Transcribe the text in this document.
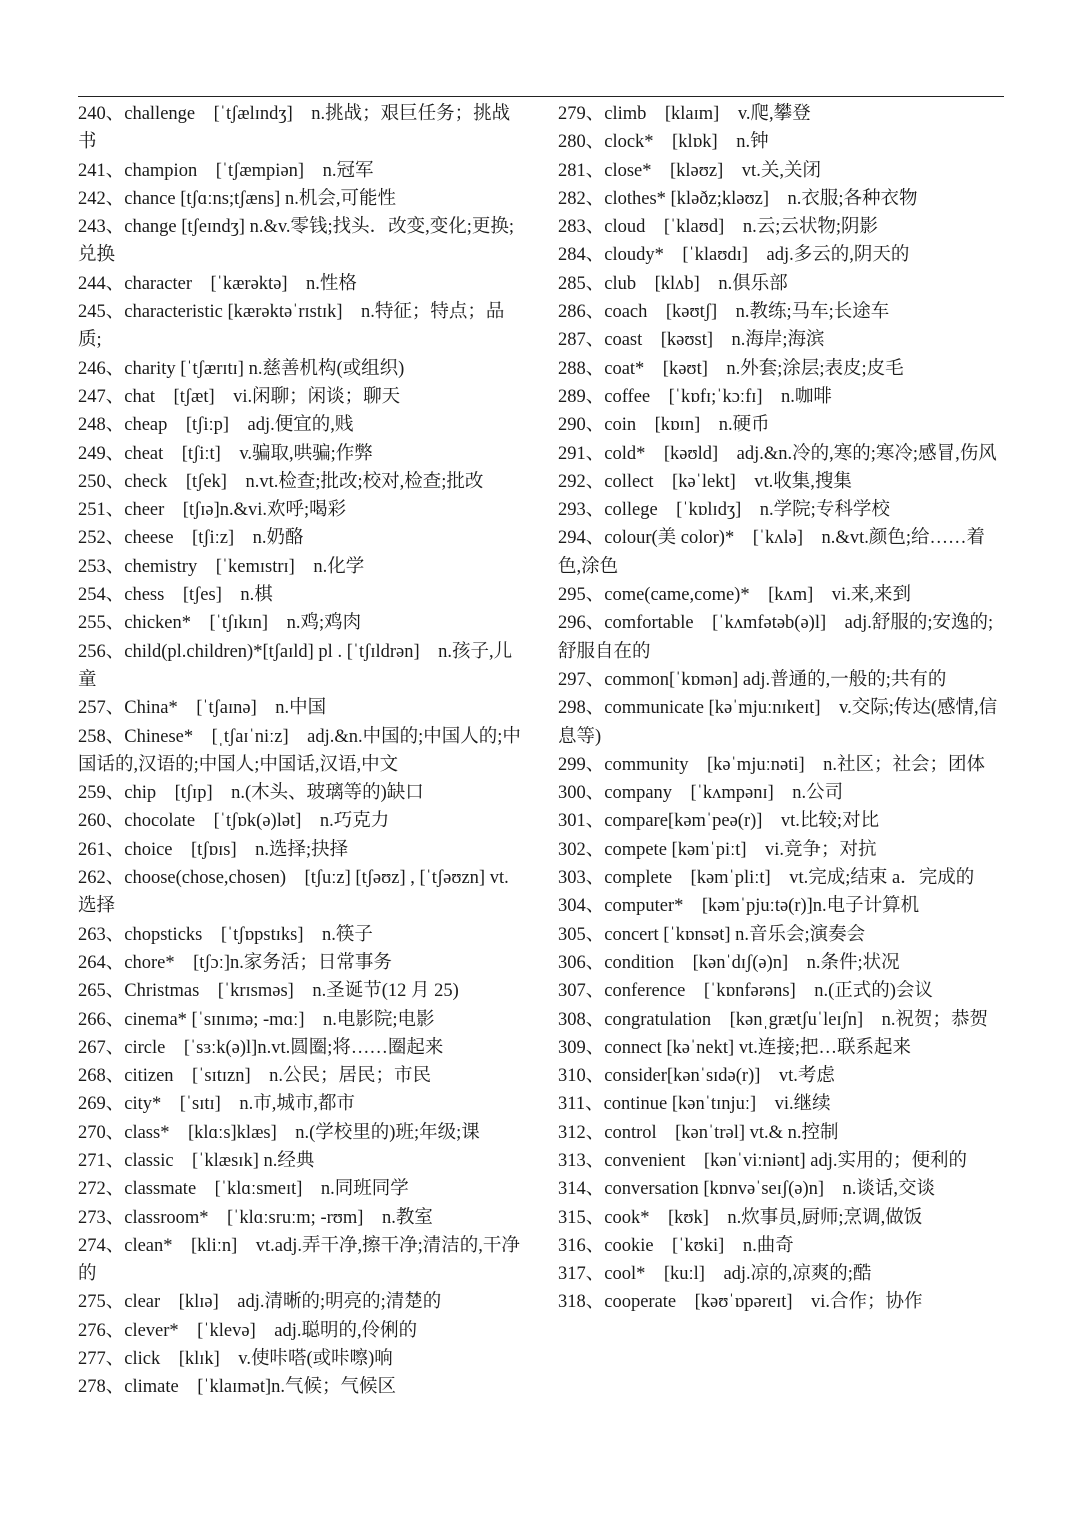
240、challenge　[ˈtʃælɪndʒ]　n.挑战；艰巨任务；挑战书
241、champion　[ˈtʃæmpiən]　n.冠军
242、chance [tʃɑːns;tʃæns] n.机会,可能性
243、change [tʃeɪndʒ] n.&v.零钱;找头．改变,变化;更换;兑换
244、character　[ˈkærəktə]　n.性格
245、characteristic [kærəktəˈrɪstɪk]　n.特征；特点；品质;
246、charity [ˈtʃærɪtɪ] n.慈善机构(或组织)
247、chat　[tʃæt]　vi.闲聊；闲谈；聊天
248、cheap　[tʃiːp]　adj.便宜的,贱
249、cheat　[tʃiːt]　v.骗取,哄骗;作弊
250、check　[tʃek]　n.vt.检查;批改;校对,检查;批改
251、cheer　[tʃɪə]n.&vi.欢呼;喝彩
252、cheese　[tʃiːz]　n.奶酪
253、chemistry　[ˈkemɪstrɪ]　n.化学
254、chess　[tʃes]　n.棋
255、chicken*　[ˈtʃɪkɪn]　n.鸡;鸡肉
256、child(pl.children)*[tʃaɪld] pl . [ˈtʃɪldrən]　n.孩子,儿童
257、China*　[ˈtʃaɪnə]　n.中国
258、Chinese*　[ˌtʃaɪˈniːz]　adj.&n.中国的;中国人的;中国话的,汉语的;中国人;中国话,汉语,中文
259、chip　[tʃɪp]　n.(木头、玻璃等的)缺口
260、chocolate　[ˈtʃɒk(ə)lət]　n.巧克力
261、choice　[tʃɒɪs]　n.选择;抉择
262、choose(chose,chosen)　[tʃuːz] [tʃəʊz] , [ˈtʃəʊzn] vt. 选择
263、chopsticks　[ˈtʃɒpstɪks]　n.筷子
264、chore*　[tʃɔː]n.家务活；日常事务
265、Christmas　[ˈkrɪsməs]　n.圣诞节(12 月 25)
266、cinema* [ˈsɪnɪmə; -mɑː]　n.电影院;电影
267、circle　[ˈsɜːk(ə)l]n.vt.圆圈;将……圈起来
268、citizen　[ˈsɪtɪzn]　n.公民；居民；市民
269、city*　[ˈsɪtɪ]　n.市,城市,都市
270、class*　[klɑːs]klæs]　n.(学校里的)班;年级;课
271、classic　[ˈklæsɪk] n.经典
272、classmate　[ˈklɑːsmeɪt]　n.同班同学
273、classroom*　[ˈklɑːsruːm; -rʊm]　n.教室
274、clean*　[kliːn]　vt.adj.弄干净,擦干净;清洁的,干净的
275、clear　[klɪə]　adj.清晰的;明亮的;清楚的
276、clever*　[ˈklevə]　adj.聪明的,伶俐的
277、click　[klɪk]　v.使咔嗒(或咔嚓)响
278、climate　[ˈklaɪmət]n.气候；气候区
279、climb　[klaɪm]　v.爬,攀登
280、clock*　[klɒk]　n.钟
281、close*　[kləʊz]　vt.关,关闭
282、clothes* [kləðz;kləʊz]　n.衣服;各种衣物
283、cloud　[ˈklaʊd]　n.云;云状物;阴影
284、cloudy*　[ˈklaʊdɪ]　adj.多云的,阴天的
285、club　[klʌb]　n.俱乐部
286、coach　[kəʊtʃ]　n.教练;马车;长途车
287、coast　[kəʊst]　n.海岸;海滨
288、coat*　[kəʊt]　n.外套;涂层;表皮;皮毛
289、coffee　[ˈkɒfɪ;ˈkɔːfɪ]　n.咖啡
290、coin　[kɒɪn]　n.硬币
291、cold*　[kəʊld]　adj.&n.冷的,寒的;寒冷;感冒,伤风
292、collect　[kəˈlekt]　vt.收集,搜集
293、college　[ˈkɒlɪdʒ]　n.学院;专科学校
294、colour(美 color)*　[ˈkʌlə]　n.&vt.颜色;给……着色,涂色
295、come(came,come)*　[kʌm]　vi.来,来到
296、comfortable　[ˈkʌmfətəb(ə)l]　adj.舒服的;安逸的;舒服自在的
297、common[ˈkɒmən] adj.普通的,一般的;共有的
298、communicate [kəˈmjuːnɪkeɪt]　v.交际;传达(感情,信息等)
299、community　[kəˈmjuːnəti]　n.社区；社会；团体
300、company　[ˈkʌmpənɪ]　n.公司
301、compare[kəmˈpeə(r)]　vt.比较;对比
302、compete [kəmˈpiːt]　vi.竞争；对抗
303、complete　[kəmˈpliːt]　vt.完成;结束 a．完成的
304、computer*　[kəmˈpjuːtə(r)]n.电子计算机
305、concert [ˈkɒnsət] n.音乐会;演奏会
306、condition　[kənˈdɪʃ(ə)n]　n.条件;状况
307、conference　[ˈkɒnfərəns]　n.(正式的)会议
308、congratulation　[kənˌgrætʃuˈleɪʃn]　n.祝贺；恭贺
309、connect [kəˈnekt] vt.连接;把…联系起来
310、consider[kənˈsɪdə(r)]　vt.考虑
311、continue [kənˈtɪnjuː]　vi.继续
312、control　[kənˈtrəl] vt.& n.控制
313、convenient　[kənˈviːniənt] adj.实用的；便利的
314、conversation [kɒnvəˈseɪʃ(ə)n]　n.谈话,交谈
315、cook*　[kʊk]　n.炊事员,厨师;烹调,做饭
316、cookie　[ˈkʊki]　n.曲奇
317、cool*　[kuːl]　adj.凉的,凉爽的;酷
318、cooperate　[kəʊˈɒpəreɪt]　vi.合作；协作
